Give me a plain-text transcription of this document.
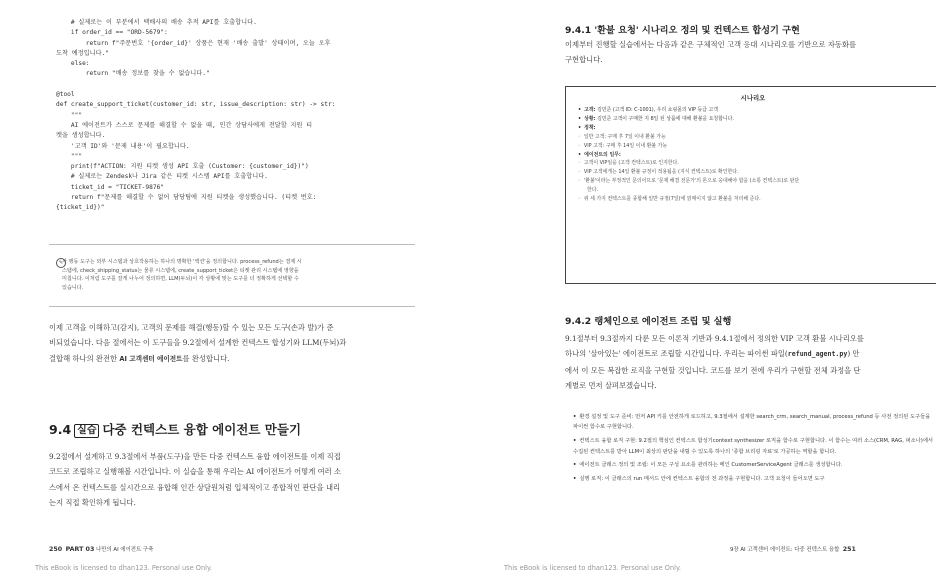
# 실제로는 이 부분에서 택배사의 배송 추적 API를 호출합니다.
if order_id == "ORD-5679":
return f"주문번호 '{order_id}' 상품은 현재 '배송 출발' 상태이며, 오늘 오후
도착 예정입니다."
else:
return "배송 정보를 찾을 수 없습니다."

@tool
def create_support_ticket(customer_id: str, issue_description: str) -> str:
"""
AI 에이전트가 스스로 문제를 해결할 수 없을 때, 인간 상담사에게 전달할 지원 티
켓을 생성합니다.
'고객 ID'와 '문제 내용'이 필요합니다.
"""
print(f"ACTION: 지원 티켓 생성 API 호출 (Customer: {customer_id})")
# 실제로는 Zendesk나 Jira 같은 티켓 시스템 API를 호출합니다.
ticket_id = "TICKET-9876"
return f"문제를 해결할 수 없어 담당팀에 지원 티켓을 생성했습니다. (티켓 번호:
{ticket_id})"
✎
각 행동 도구는 외부 시스템과 상호작용하는 하나의 명확한 '액션'을 정의합니다. process_refund는 결제 시
스템에, check_shipping_status는 물류 시스템에, create_support_ticket은 티켓 관리 시스템에 영향을
미칩니다. 이처럼 도구를 잘게 나누어 정의하면, LLM(두뇌)이 각 상황에 맞는 도구를 더 정확하게 선택할 수
있습니다.
이제 고객을 이해하고(감지), 고객의 문제를 해결(행동)할 수 있는 모든 도구(손과 발)가 준
비되었습니다. 다음 절에서는 이 도구들을 9.2절에서 설계한 컨텍스트 합성기와 LLM(두뇌)과
결합해 하나의 완전한 AI 고객센터 에이전트를 완성합니다.
9.4 실습 다중 컨텍스트 융합 에이전트 만들기
9.2절에서 설계하고 9.3절에서 부품(도구)을 만든 다중 컨텍스트 융합 에이전트를 이제 직접
코드로 조립하고 실행해볼 시간입니다. 이 실습을 통해 우리는 AI 에이전트가 어떻게 여러 소
스에서 온 컨텍스트를 실시간으로 융합해 인간 상담원처럼 입체적이고 종합적인 판단을 내리
는지 직접 확인하게 됩니다.
250 PART 03 나만의 AI 에이전트 구축
This eBook is licensed to dhan123. Personal use Only.
9.4.1 '환불 요청' 시나리오 정의 및 컨텍스트 합성기 구현
이제부터 진행할 실습에서는 다음과 같은 구체적인 고객 응대 시나리오를 기반으로 자동화를
구현합니다.
시나리오
• 고객: 김민준 (고객 ID: C-1001), 우리 쇼핑몰의 VIP 등급 고객
• 상황: 김민준 고객이 구매한 지 8일 된 상품에 대해 환불을 요청합니다.
• 정책:
◦ 일반 고객: 구매 후 7일 이내 환불 가능
◦ VIP 고객: 구매 후 14일 이내 환불 가능
• 에이전트의 임무:
◦ 고객이 VIP임을 (고객 컨텍스트)로 인지한다.
◦ VIP 고객에게는 14일 환불 규정이 적용됨을 (지식 컨텍스트)로 확인한다.
◦ '환불'이라는 부정적인 문의이므로 '문제 해결 전문가'의 톤으로 응대해야 함을 (소통 컨텍스트)로 판단
한다.
◦ 위 세 가지 컨텍스트를 종합해 일반 규정(7일)에 얽매이지 않고 환불을 처리해 준다.
9.4.2 랭체인으로 에이전트 조립 및 실행
9.1절부터 9.3절까지 다룬 모든 이론적 기반과 9.4.1절에서 정의한 VIP 고객 환불 시나리오를
하나의 '살아있는' 에이전트로 조립할 시간입니다. 우리는 파이썬 파일(refund_agent.py) 안
에서 이 모든 복잡한 로직을 구현할 것입니다. 코드를 보기 전에 우리가 구현할 전체 과정을 단
계별로 먼저 살펴보겠습니다.
• 환경 설정 및 도구 준비: 먼저 API 키를 안전하게 로드하고, 9.3절에서 설계한 search_crm, search_manual, process_refund 등 사전 정의된 도구들을 파이썬 함수로 구현합니다.
• 컨텍스트 융합 로직 구현: 9.2절의 핵심인 컨텍스트 합성기context synthesizer 로직을 함수로 구현합니다. 이 함수는 여러 소스(CRM, RAG, 퍼소나)에서 수집된 컨텍스트를 받아 LLM이 최상의 판단을 내릴 수 있도록 하나의 '종합 브리핑 자료'로 가공하는 역할을 합니다.
• 에이전트 클래스 정의 및 조립: 이 모든 구성 요소를 관리하는 메인 CustomerServiceAgent 클래스를 생성합니다.
• 실행 로직: 이 클래스의 run 메서드 안에 컨텍스트 융합의 전 과정을 구현합니다. 고객 요청이 들어오면 도구
9장 AI 고객센터 에이전트: 다중 컨텍스트 융합 251
This eBook is licensed to dhan123. Personal use Only.
